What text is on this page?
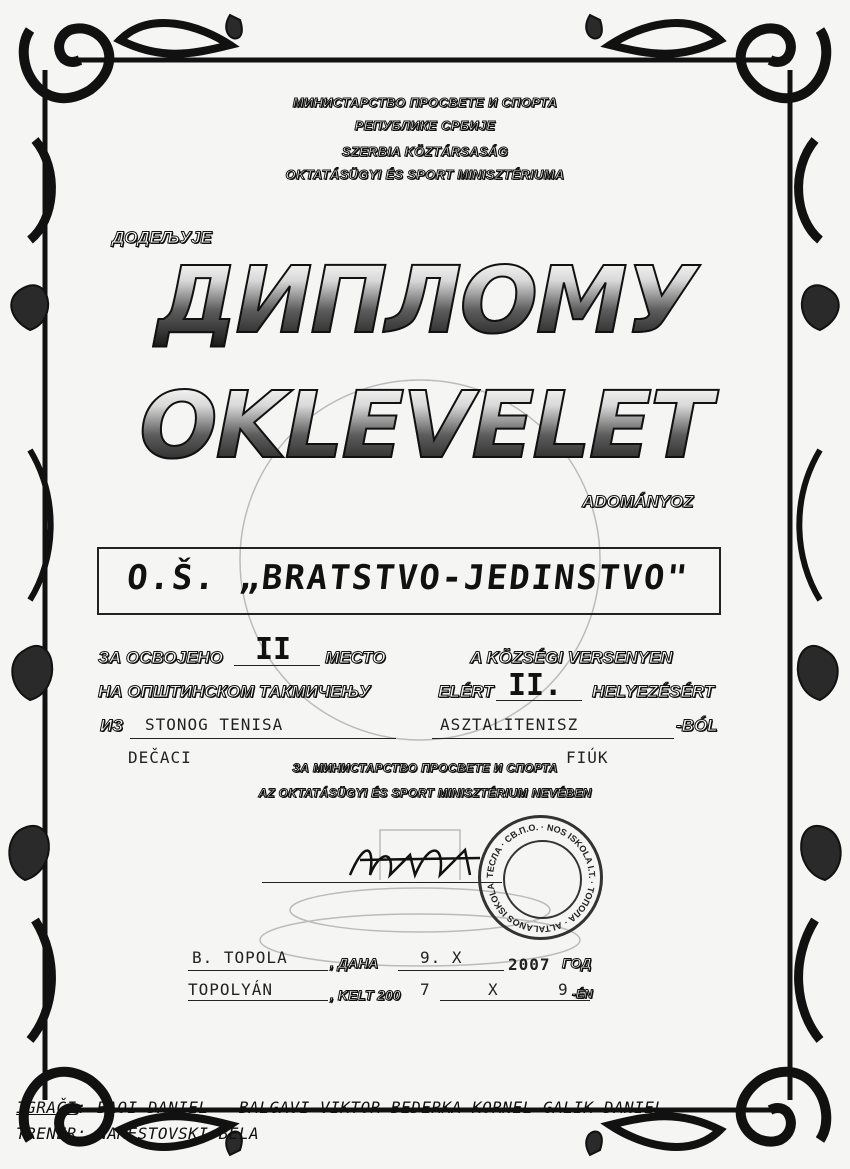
МИНИСТАРСТВО ПРОСВЕТЕ И СПОРТА
РЕПУБЛИКЕ СРБИЈЕ
SZERBIA KÖZTÁRSASÁG
OKTATÁSÜGYI ÉS SPORT MINISZTÉRIUMA
ДОДЕЉУЈЕ
ДИПЛОМУ
OKLEVELET
ADOMÁNYOZ
O.Š. „BRATSTVO-JEDINSTVO"
ЗА ОСВОЈЕНО II МЕСТО	A KÖZSÉGI VERSENYEN
НА ОПШТИНСКОМ ТАКМИЧЕЊУ	ELÉRT II. HELYEZÉSÉRT
ИЗ STONOG TENISA	ASZTALITENISZ	-BÓL
DEČACI	FIÚK
ЗА МИНИСТАРСТВО ПРОСВЕТЕ И СПОРТА
AZ OKTATÁSÜGYI ÉS SPORT MINISZTÉRIUM NEVÉBEN
ТЕСЛА · СВ.П.О. · NOS ISKOLA I.T. · ТОПОЛА · ALTALANOS ISKOLA
B. TOPOLA	, ДАНА	9. X	2007 ГОД
TOPOLYÁN	, KELT 200 7	X	9 -ÉN
IGRAČI: BAOI DANIEL - BALGAVI VIKTOR-BEDERKA KORNEL-GALIK DANIEL
TRENER: NAMESTOVSKI BELA
